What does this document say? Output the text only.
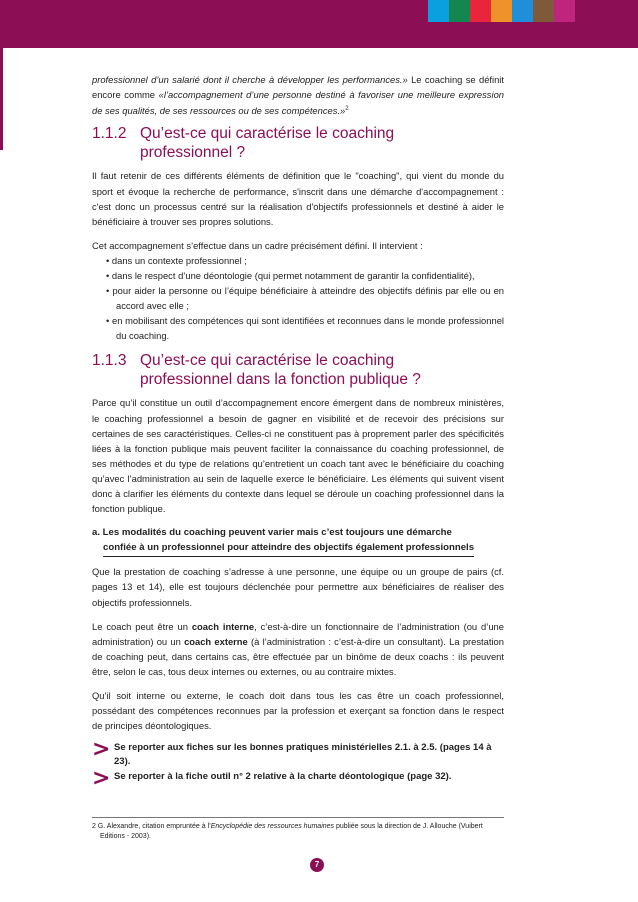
professionnel d’un salarié dont il cherche à développer les performances.» Le coaching se définit encore comme «l’accompagnement d’une personne destiné à favoriser une meilleure expression de ses qualités, de ses ressources ou de ses compétences.»$^2$

1.1.2 Qu’est-ce qui caractérise le coaching
professionnel ?

Il faut retenir de ces différents éléments de définition que le "coaching", qui vient du monde du sport et évoque la recherche de performance, s'inscrit dans une démarche d'accompagnement : c'est donc un processus centré sur la réalisation d'objectifs professionnels et destiné à aider le bénéficiaire à trouver ses propres solutions.

Cet accompagnement s’effectue dans un cadre précisément défini. Il intervient :

• dans un contexte professionnel ;
• dans le respect d’une déontologie (qui permet notamment de garantir la confidentialité),
• pour aider la personne ou l’équipe bénéficiaire à atteindre des objectifs définis par elle ou en accord avec elle ;
• en mobilisant des compétences qui sont identifiées et reconnues dans le monde professionnel du coaching.
1.1.3 Qu’est-ce qui caractérise le coaching
professionnel dans la fonction publique ?

Parce qu’il constitue un outil d’accompagnement encore émergent dans de nombreux ministères, le coaching professionnel a besoin de gagner en visibilité et de recevoir des précisions sur certaines de ses caractéristiques. Celles-ci ne constituent pas à proprement parler des spécificités liées à la fonction publique mais peuvent faciliter la connaissance du coaching professionnel, de ses méthodes et du type de relations qu’entretient un coach tant avec le bénéficiaire du coaching qu’avec l’administration au sein de laquelle exerce le bénéficiaire. Les éléments qui suivent visent donc à clarifier les éléments du contexte dans lequel se déroule un coaching professionnel dans la fonction publique.

a. Les modalités du coaching peuvent varier mais c’est toujours une démarche
confiée à un professionnel pour atteindre des objectifs également professionnels

Que la prestation de coaching s’adresse à une personne, une équipe ou un groupe de pairs (cf. pages 13 et 14), elle est toujours déclenchée pour permettre aux bénéficiaires de réaliser des objectifs professionnels.

Le coach peut être un coach interne, c’est-à-dire un fonctionnaire de l’administration (ou d’une administration) ou un coach externe (à l’administration : c’est-à-dire un consultant). La prestation de coaching peut, dans certains cas, être effectuée par un binôme de deux coachs : ils peuvent être, selon le cas, tous deux internes ou externes, ou au contraire mixtes.

Qu’il soit interne ou externe, le coach doit dans tous les cas être un coach professionnel, possédant des compétences reconnues par la profession et exerçant sa fonction dans le respect de principes déontologiques.

> Se reporter aux fiches sur les bonnes pratiques ministérielles 2.1. à 2.5. (pages 14 à 23).
> Se reporter à la fiche outil n° 2 relative à la charte déontologique (page 32).
2 G. Alexandre, citation empruntée à l’Encyclopédie des ressources humaines publiée sous la direction de J. Allouche (Vuibert
Editions - 2003).
7
